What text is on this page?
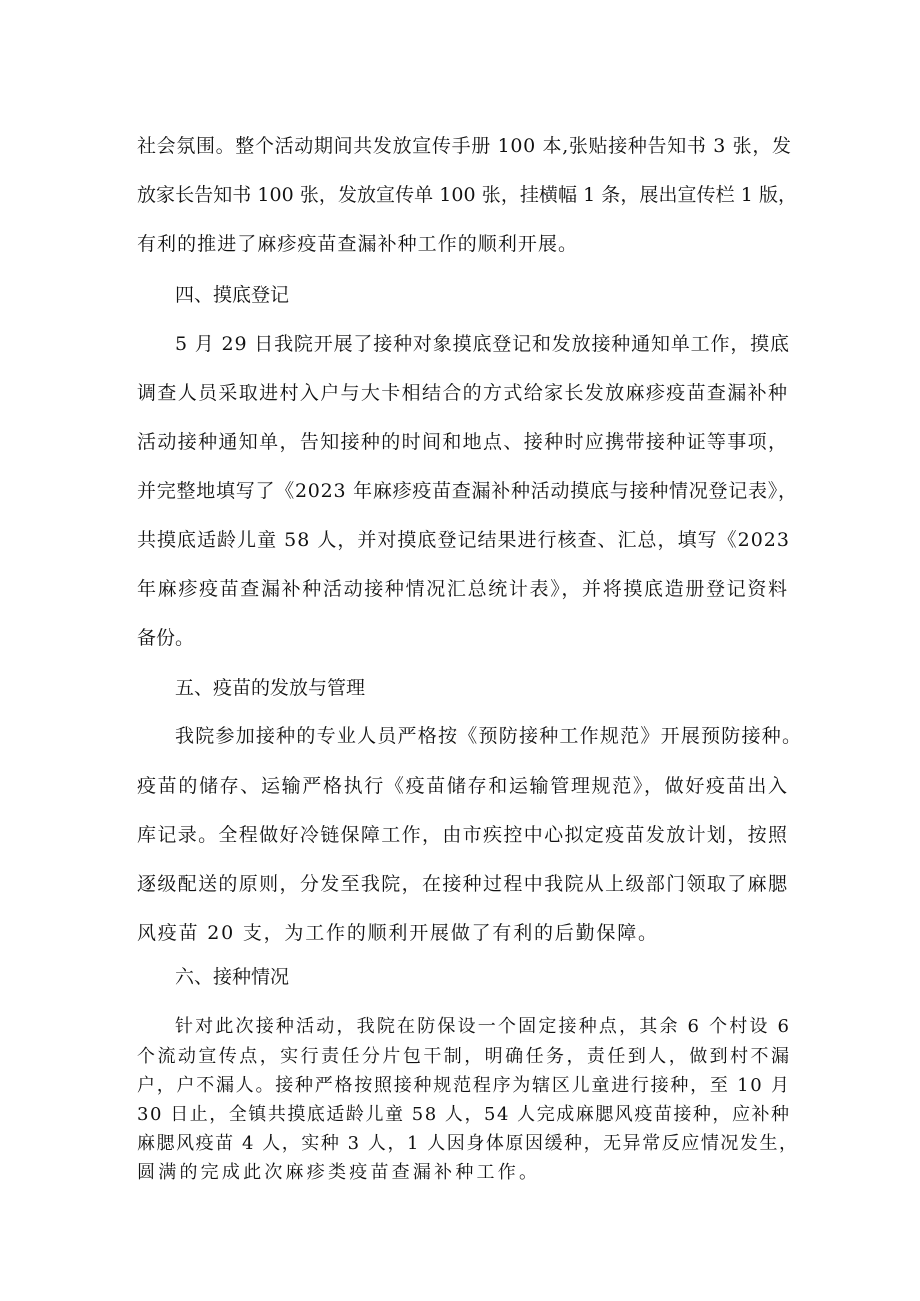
社会氛围。整个活动期间共发放宣传手册 100 本,张贴接种告知书 3 张，发

放家长告知书 100 张，发放宣传单 100 张，挂横幅 1 条，展出宣传栏 1 版，

有利的推进了麻疹疫苗查漏补种工作的顺利开展。

四、摸底登记

5 月 29 日我院开展了接种对象摸底登记和发放接种通知单工作，摸底

调查人员采取进村入户与大卡相结合的方式给家长发放麻疹疫苗查漏补种

活动接种通知单，告知接种的时间和地点、接种时应携带接种证等事项，

并完整地填写了《2023 年麻疹疫苗查漏补种活动摸底与接种情况登记表》，

共摸底适龄儿童 58 人，并对摸底登记结果进行核查、汇总，填写《2023

年麻疹疫苗查漏补种活动接种情况汇总统计表》，并将摸底造册登记资料

备份。

五、疫苗的发放与管理

我院参加接种的专业人员严格按《预防接种工作规范》开展预防接种。

疫苗的储存、运输严格执行《疫苗储存和运输管理规范》，做好疫苗出入

库记录。全程做好冷链保障工作，由市疾控中心拟定疫苗发放计划，按照

逐级配送的原则，分发至我院，在接种过程中我院从上级部门领取了麻腮

风疫苗 20 支，为工作的顺利开展做了有利的后勤保障。

六、接种情况

针对此次接种活动，我院在防保设一个固定接种点，其余 6 个村设 6

个流动宣传点，实行责任分片包干制，明确任务，责任到人，做到村不漏

户，户不漏人。接种严格按照接种规范程序为辖区儿童进行接种，至 10 月

30 日止，全镇共摸底适龄儿童 58 人，54 人完成麻腮风疫苗接种，应补种

麻腮风疫苗 4 人，实种 3 人，1 人因身体原因缓种，无异常反应情况发生，

圆满的完成此次麻疹类疫苗查漏补种工作。
